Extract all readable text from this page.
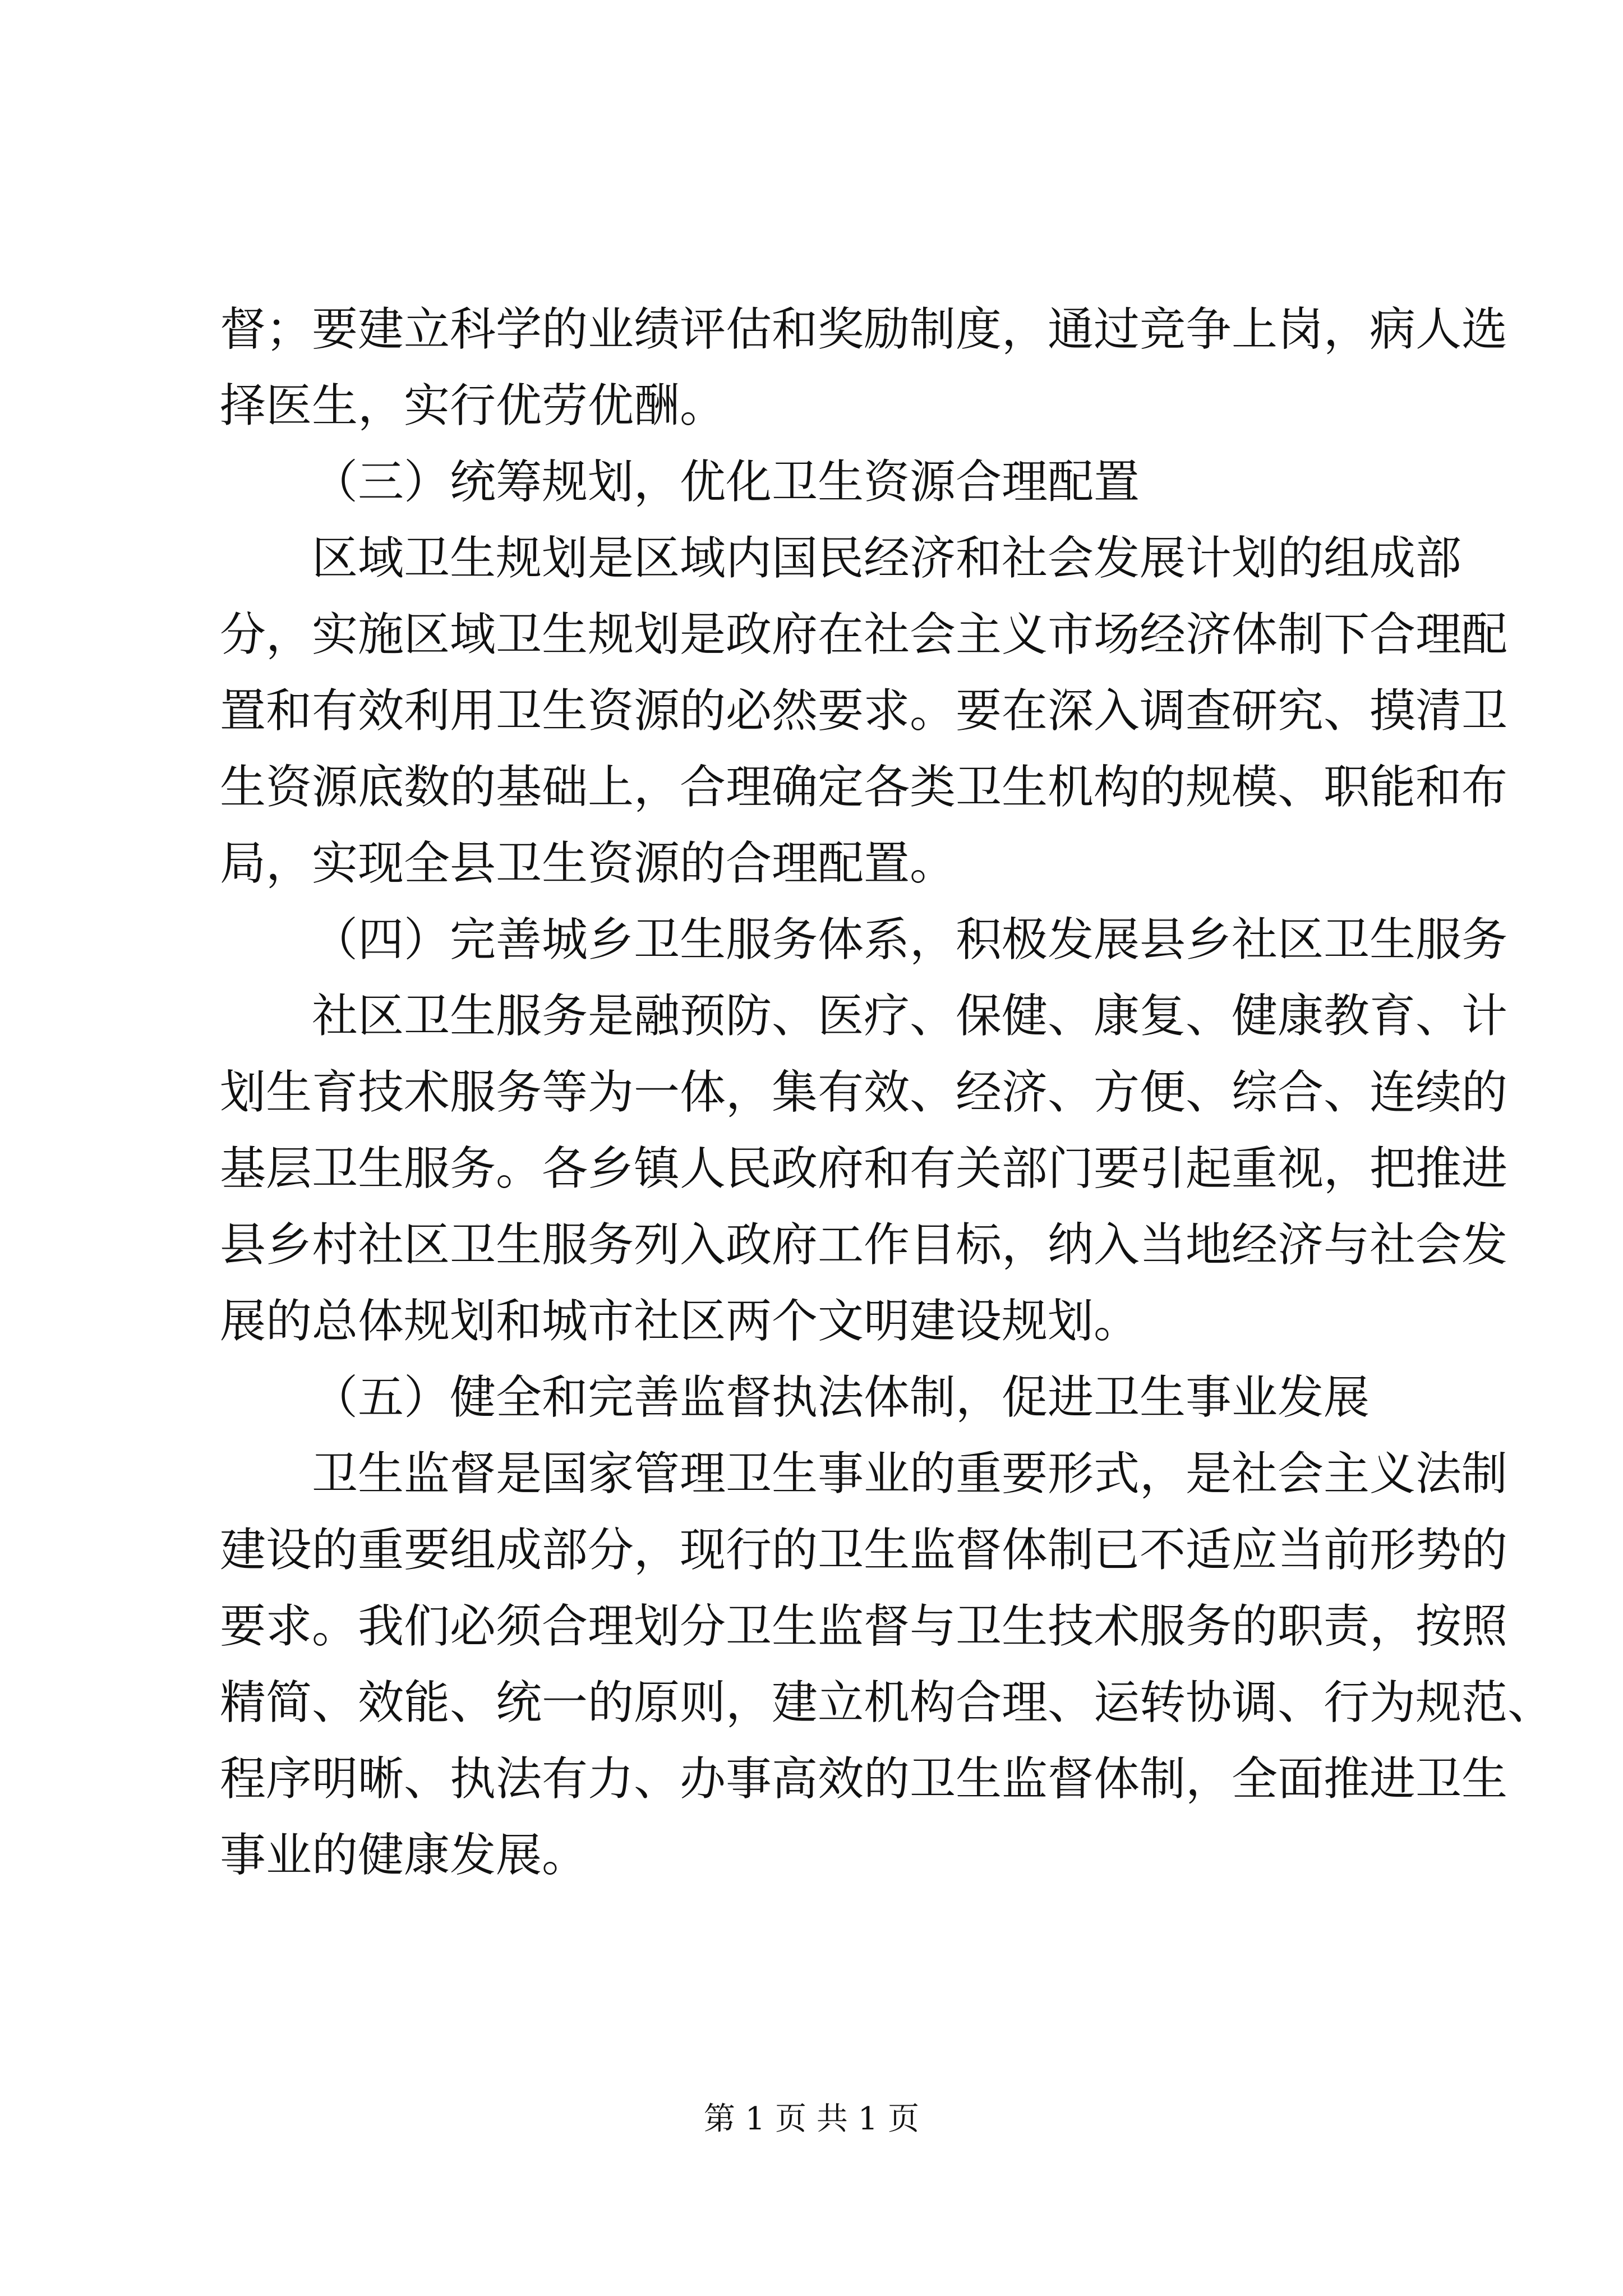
督；要建立科学的业绩评估和奖励制度，通过竞争上岗，病人选
择医生，实行优劳优酬。
（三）统筹规划，优化卫生资源合理配置
区域卫生规划是区域内国民经济和社会发展计划的组成部
分，实施区域卫生规划是政府在社会主义市场经济体制下合理配
置和有效利用卫生资源的必然要求。要在深入调查研究、摸清卫
生资源底数的基础上，合理确定各类卫生机构的规模、职能和布
局，实现全县卫生资源的合理配置。
（四）完善城乡卫生服务体系，积极发展县乡社区卫生服务
社区卫生服务是融预防、医疗、保健、康复、健康教育、计
划生育技术服务等为一体，集有效、经济、方便、综合、连续的
基层卫生服务。各乡镇人民政府和有关部门要引起重视，把推进
县乡村社区卫生服务列入政府工作目标，纳入当地经济与社会发
展的总体规划和城市社区两个文明建设规划。
（五）健全和完善监督执法体制，促进卫生事业发展
卫生监督是国家管理卫生事业的重要形式，是社会主义法制
建设的重要组成部分，现行的卫生监督体制已不适应当前形势的
要求。我们必须合理划分卫生监督与卫生技术服务的职责，按照
精简、效能、统一的原则，建立机构合理、运转协调、行为规范、
程序明晰、执法有力、办事高效的卫生监督体制，全面推进卫生
事业的健康发展。
第 1 页 共 1 页
